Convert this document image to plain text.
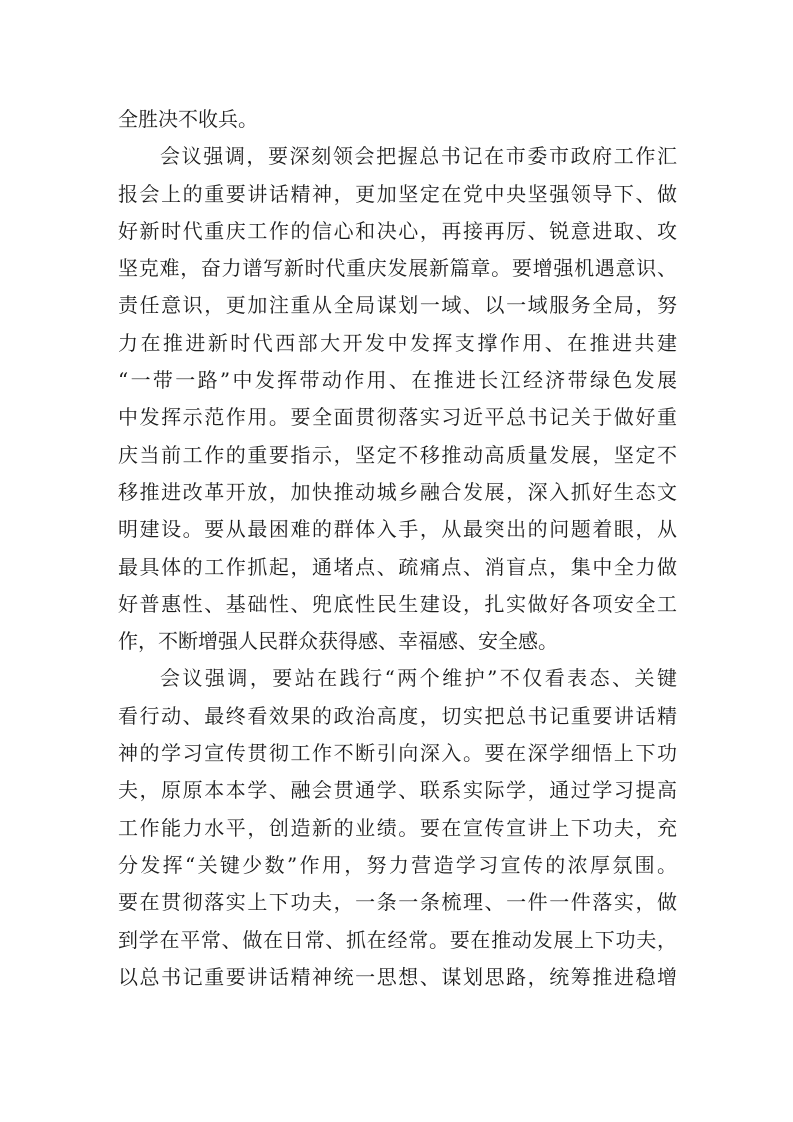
全胜决不收兵。
会议强调，要深刻领会把握总书记在市委市政府工作汇
报会上的重要讲话精神，更加坚定在党中央坚强领导下、做
好新时代重庆工作的信心和决心，再接再厉、锐意进取、攻
坚克难，奋力谱写新时代重庆发展新篇章。要增强机遇意识、
责任意识，更加注重从全局谋划一域、以一域服务全局，努
力在推进新时代西部大开发中发挥支撑作用、在推进共建
“一带一路”中发挥带动作用、在推进长江经济带绿色发展
中发挥示范作用。要全面贯彻落实习近平总书记关于做好重
庆当前工作的重要指示，坚定不移推动高质量发展，坚定不
移推进改革开放，加快推动城乡融合发展，深入抓好生态文
明建设。要从最困难的群体入手，从最突出的问题着眼，从
最具体的工作抓起，通堵点、疏痛点、消盲点，集中全力做
好普惠性、基础性、兜底性民生建设，扎实做好各项安全工
作，不断增强人民群众获得感、幸福感、安全感。
会议强调，要站在践行“两个维护”不仅看表态、关键
看行动、最终看效果的政治高度，切实把总书记重要讲话精
神的学习宣传贯彻工作不断引向深入。要在深学细悟上下功
夫，原原本本学、融会贯通学、联系实际学，通过学习提高
工作能力水平，创造新的业绩。要在宣传宣讲上下功夫，充
分发挥“关键少数”作用，努力营造学习宣传的浓厚氛围。
要在贯彻落实上下功夫，一条一条梳理、一件一件落实，做
到学在平常、做在日常、抓在经常。要在推动发展上下功夫，
以总书记重要讲话精神统一思想、谋划思路，统筹推进稳增
